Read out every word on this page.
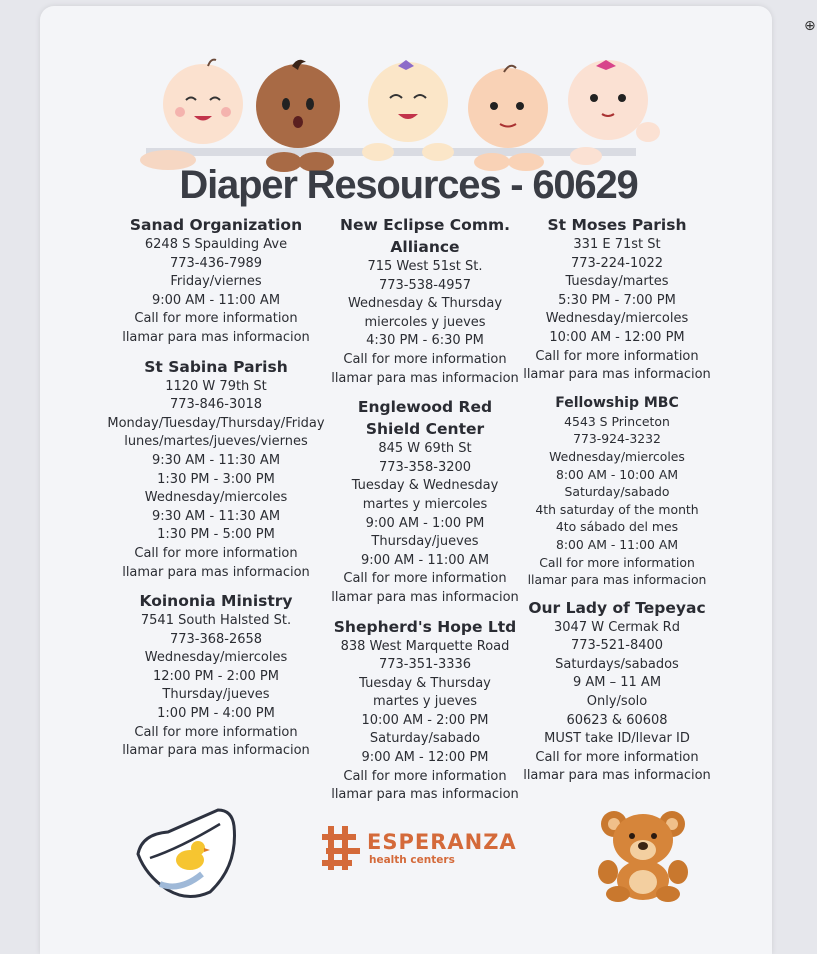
⊕
Diaper Resources - 60629
Sanad Organization
6248 S Spaulding Ave
773-436-7989
Friday/viernes
9:00 AM - 11:00 AM
Call for more information
llamar para mas informacion
St Sabina Parish
1120 W 79th St
773-846-3018
Monday/Tuesday/Thursday/Friday
lunes/martes/jueves/viernes
9:30 AM - 11:30 AM
1:30 PM - 3:00 PM
Wednesday/miercoles
9:30 AM - 11:30 AM
1:30 PM - 5:00 PM
Call for more information
llamar para mas informacion
Koinonia Ministry
7541 South Halsted St.
773-368-2658
Wednesday/miercoles
12:00 PM - 2:00 PM
Thursday/jueves
1:00 PM - 4:00 PM
Call for more information
llamar para mas informacion
New Eclipse Comm.
Alliance
715 West 51st St.
773-538-4957
Wednesday & Thursday
miercoles y jueves
4:30 PM - 6:30 PM
Call for more information
llamar para mas informacion
Englewood Red
Shield Center
845 W 69th St
773-358-3200
Tuesday & Wednesday
martes y miercoles
9:00 AM - 1:00 PM
Thursday/jueves
9:00 AM - 11:00 AM
Call for more information
llamar para mas informacion
Shepherd's Hope Ltd
838 West Marquette Road
773-351-3336
Tuesday & Thursday
martes y jueves
10:00 AM - 2:00 PM
Saturday/sabado
9:00 AM - 12:00 PM
Call for more information
llamar para mas informacion
St Moses Parish
331 E 71st St
773-224-1022
Tuesday/martes
5:30 PM - 7:00 PM
Wednesday/miercoles
10:00 AM - 12:00 PM
Call for more information
llamar para mas informacion
Fellowship MBC
4543 S Princeton
773-924-3232
Wednesday/miercoles
8:00 AM - 10:00 AM
Saturday/sabado
4th saturday of the month
4to sábado del mes
8:00 AM - 11:00 AM
Call for more information
llamar para mas informacion
Our Lady of Tepeyac
3047 W Cermak Rd
773-521-8400
Saturdays/sabados
9 AM – 11 AM
Only/solo
60623 & 60608
MUST take ID/llevar ID
Call for more information
llamar para mas informacion
ESPERANZA
health centers
